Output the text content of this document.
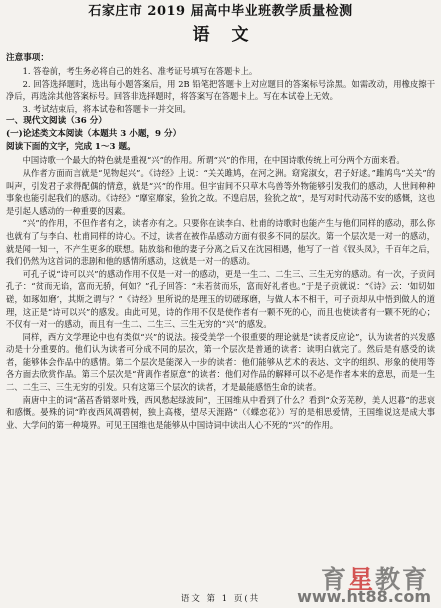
石家庄市 2019 届高中毕业班教学质量检测
语文

注意事项：

1. 答卷前，考生务必将自己的姓名、准考证号填写在答题卡上。

2. 回答选择题时，选出每小题答案后，用 2B 铅笔把答题卡上对应题目的答案标号涂黑。如需改动，用橡皮擦干净后，再选涂其他答案标号。回答非选择题时，将答案写在答题卡上。写在本试卷上无效。

3. 考试结束后，将本试卷和答题卡一并交回。

一、现代文阅读（36 分）

(一)论述类文本阅读（本题共 3 小题，9 分）

阅读下面的文字，完成 1～3 题。

中国诗歌一个最大的特色就是重视“兴”的作用。所谓“兴”的作用，在中国诗歌传统上可分两个方面来看。

从作者方面而言就是“见物起兴”。《诗经》上说：“关关雎鸠，在河之洲。窈窕淑女，君子好逑。”雎鸠鸟“关关”的叫声，引发君子求得配偶的情意，就是“兴”的作用。但宇宙间不只草木鸟兽等外物能够引发我们的感动，人世间种种事象也能引起我们的感动。《诗经》“靡室靡家，猃狁之故。不遑启居，猃狁之故”，是写对时代动荡不安的感慨，这也是引起人感动的一种重要的因素。

“兴”的作用，不但作者有之，读者亦有之。只要你在读李白、杜甫的诗歌时也能产生与他们同样的感动，那么你也就有了与李白、杜甫同样的诗心。不过，读者在被作品感动方面有很多不同的层次。第一个层次是一对一的感动，就是闻一知一，不产生更多的联想。陆放翁和他的妻子分离之后又在沈园相遇，他写了一首《钗头凤》，千百年之后，我们仍然为这首词的悲剧和他的感情所感动，这就是一对一的感动。

可孔子说“诗可以兴”的感动作用不仅是一对一的感动，更是一生二、二生三、三生无穷的感动。有一次，子贡问孔子：“贫而无谄，富而无骄，何如？”孔子回答：“未若贫而乐，富而好礼者也。”于是子贡就说：“《诗》云：‘如切如磋，如琢如磨’，其斯之谓与？”《诗经》里所说的是理玉的切磋琢磨，与做人本不相干，可子贡却从中悟到做人的道理，这正是“诗可以兴”的感发。由此可见，诗的作用不仅是使作者有一颗不死的心，而且也使读者有一颗不死的心；不仅有一对一的感动，而且有一生二、二生三、三生无穷的“兴”的感发。

同样，西方文学理论中也有类似“兴”的说法。接受美学一个很重要的理论就是“读者反应论”，认为读者的兴发感动是十分重要的。他们认为读者可分成不同的层次，第一个层次是普通的读者：读明白就完了。然后是有感受的读者，能够体会作品中的感情。第二个层次是能深入一步的读者：他们能够从艺术的表达、文字的组织、形象的使用等各方面去欣赏作品。第三个层次是“背离作者原意”的读者：他们对作品的解释可以不必是作者本来的意思，而是一生二、二生三、三生无穷的引发。只有这第三个层次的读者，才是最能感悟生命的读者。

南唐中主的词“菡萏香销翠叶残，西风愁起绿波间”，王国维从中看到了什么？看到“众芳芜秽，美人迟暮”的悲哀和感慨。晏殊的词“昨夜西风凋碧树，独上高楼，望尽天涯路”（《蝶恋花》）写的是相思爱情，王国维说这是成大事业、大学问的第一种境界。可见王国维也是能够从中国诗词中读出人心不死的“兴”的作用。

语文 第 1 页(共
育星教育
www.ht88.com
